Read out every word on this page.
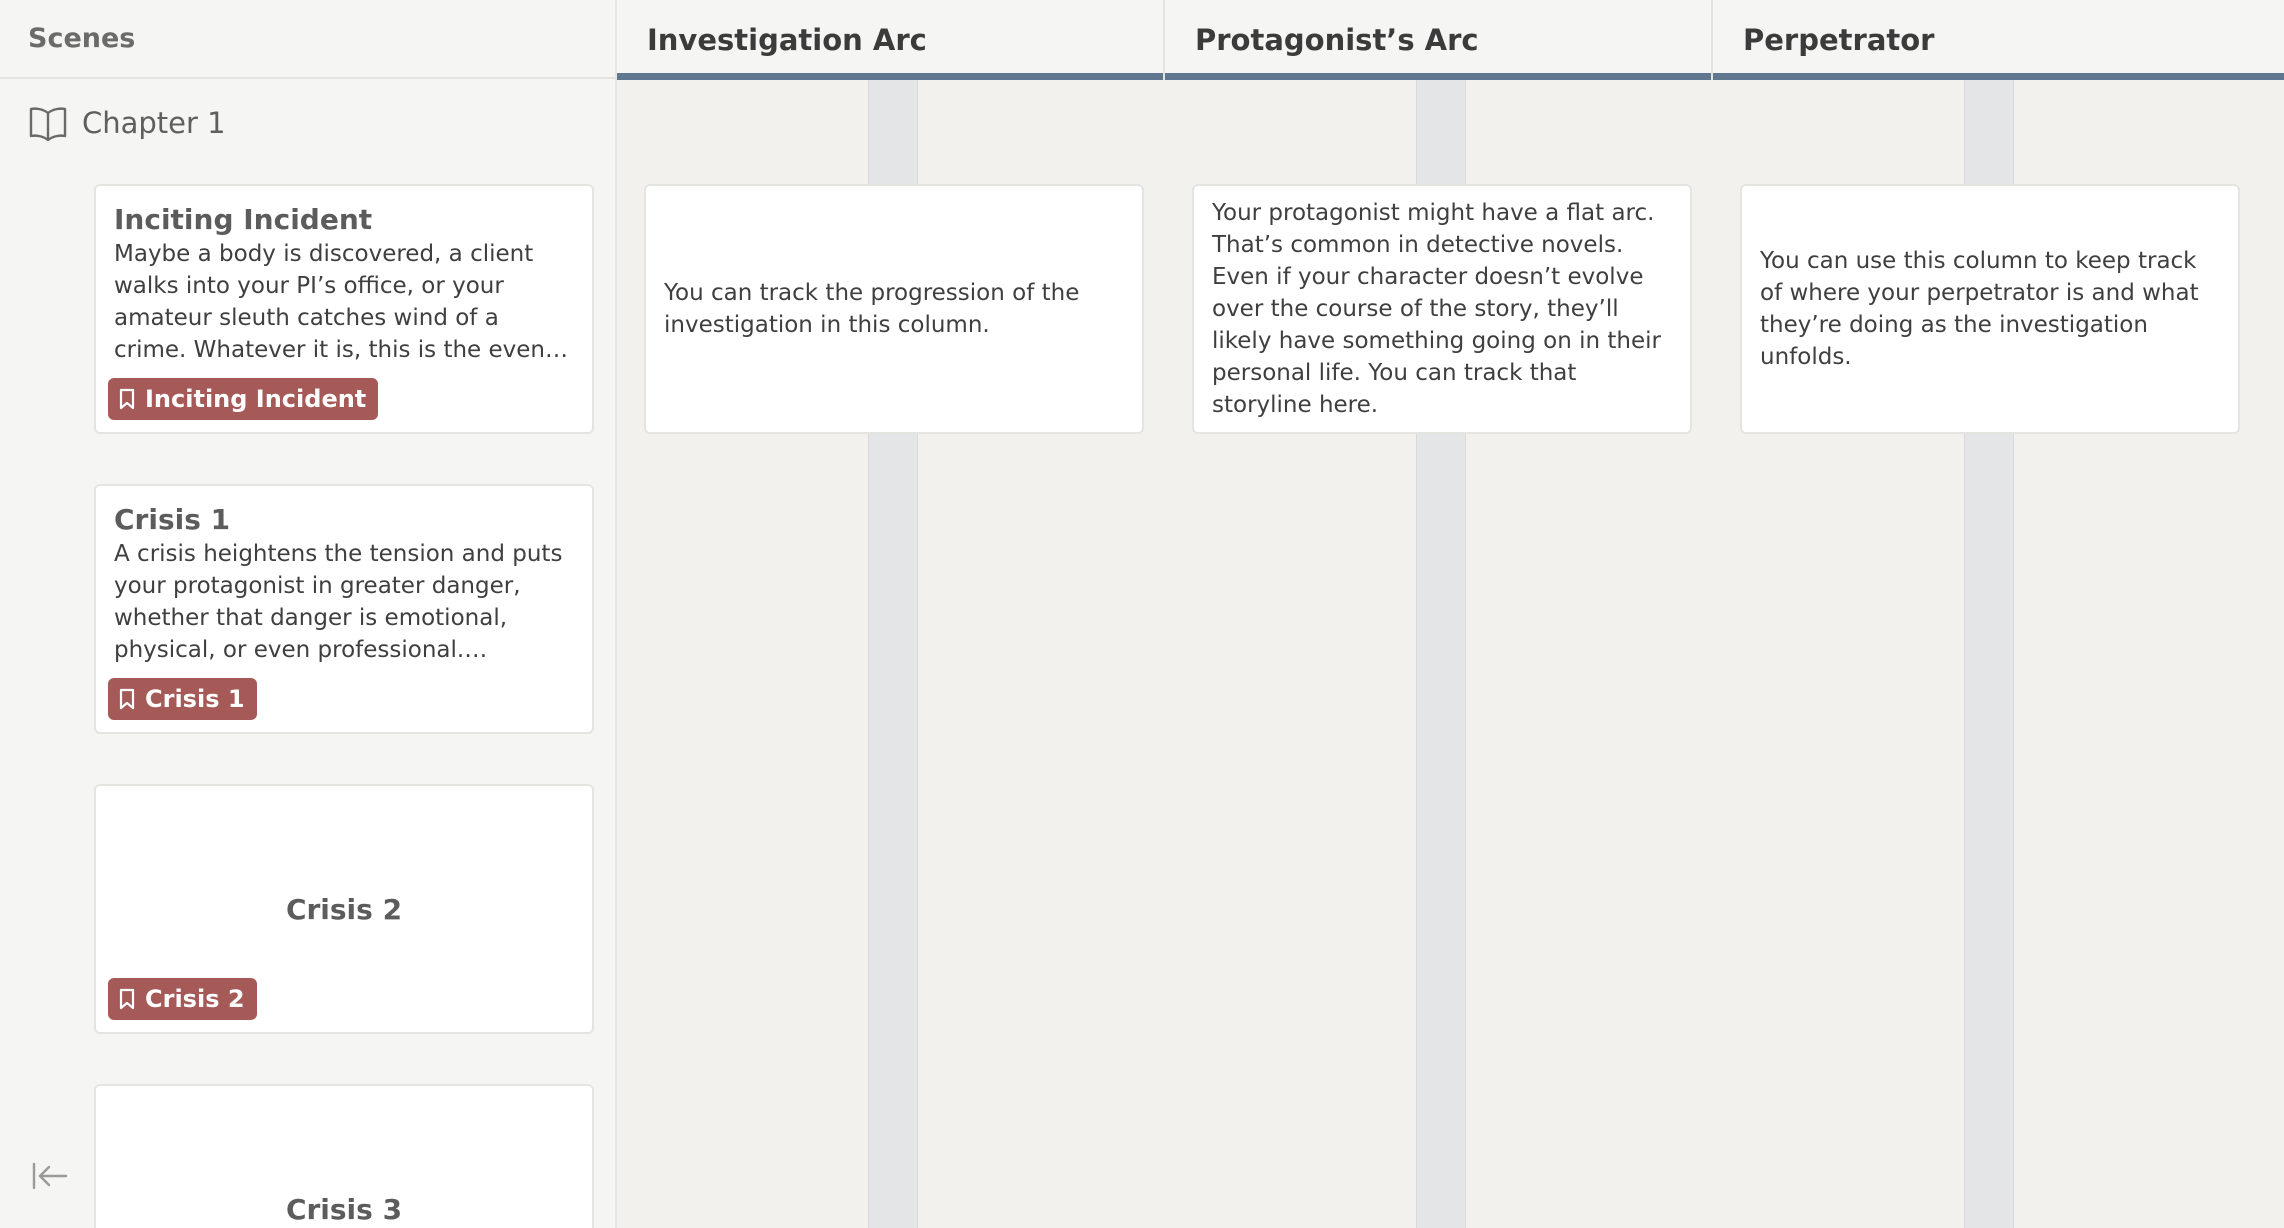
Scenes
Chapter 1
Inciting Incident

Maybe a body is discovered, a client walks into your PI’s office, or your amateur sleuth catches wind of a crime. Whatever it is, this is the event

Inciting Incident
Crisis 1

A crisis heightens the tension and puts your protagonist in greater danger, whether that danger is emotional, physical, or even professional.

Crisis 1
Crisis 2
Crisis 2
Crisis 3
Investigation Arc
You can track the progression of the investigation in this column.
Protagonist’s Arc
Your protagonist might have a flat arc. That’s common in detective novels. Even if your character doesn’t evolve over the course of the story, they’ll likely have something going on in their personal life. You can track that storyline here.
Perpetrator
You can use this column to keep track of where your perpetrator is and what they’re doing as the investigation unfolds.
